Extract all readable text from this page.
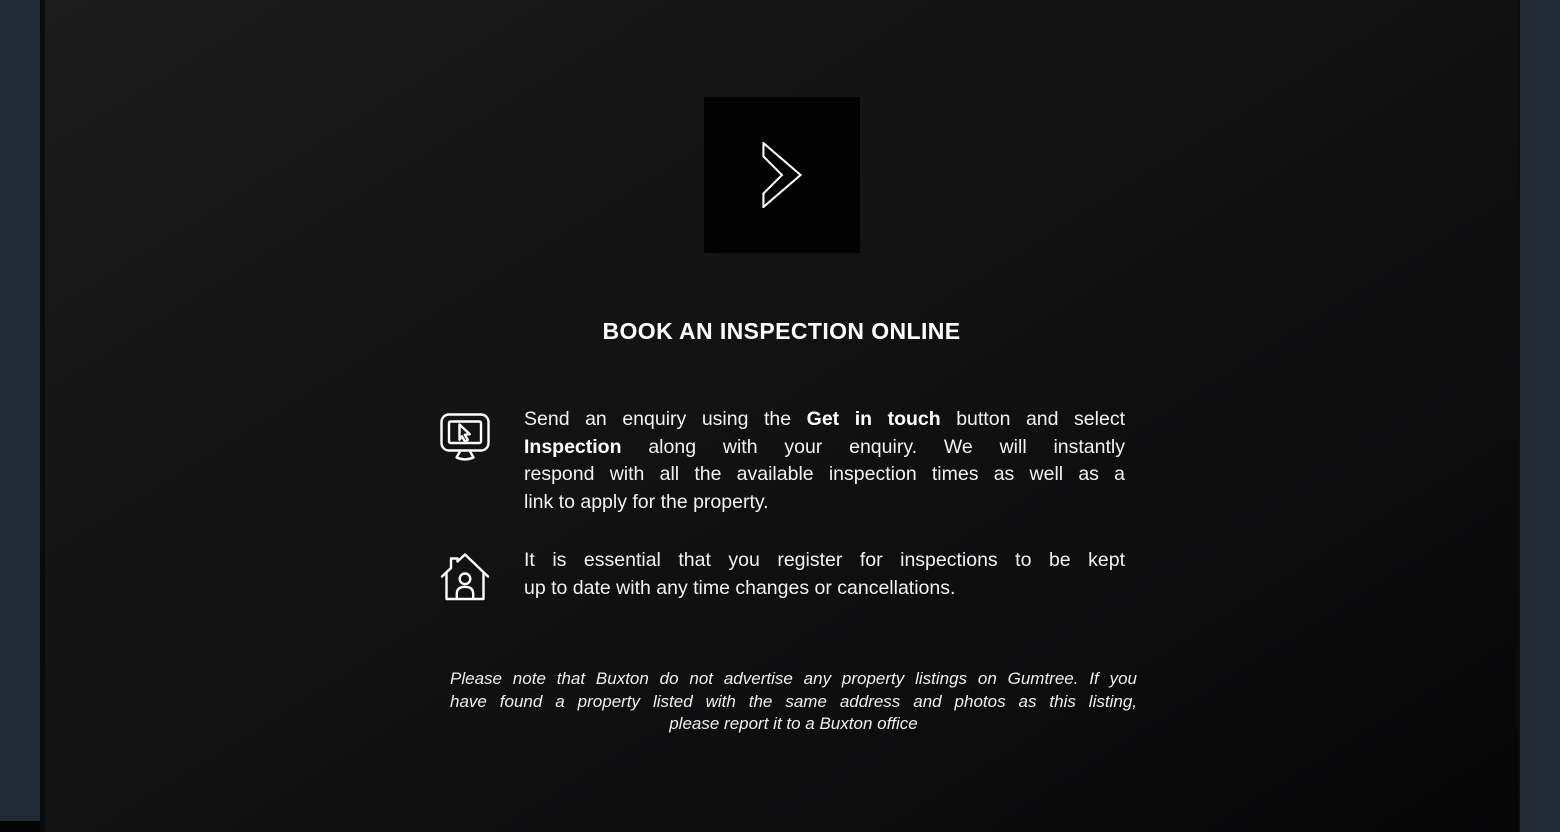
BOOK AN INSPECTION ONLINE
Send an enquiry using the Get in touch button and select
Inspection along with your enquiry. We will instantly
respond with all the available inspection times as well as a
link to apply for the property.
It is essential that you register for inspections to be kept
up to date with any time changes or cancellations.
Please note that Buxton do not advertise any property listings on Gumtree. If you
have found a property listed with the same address and photos as this listing,
please report it to a Buxton office
